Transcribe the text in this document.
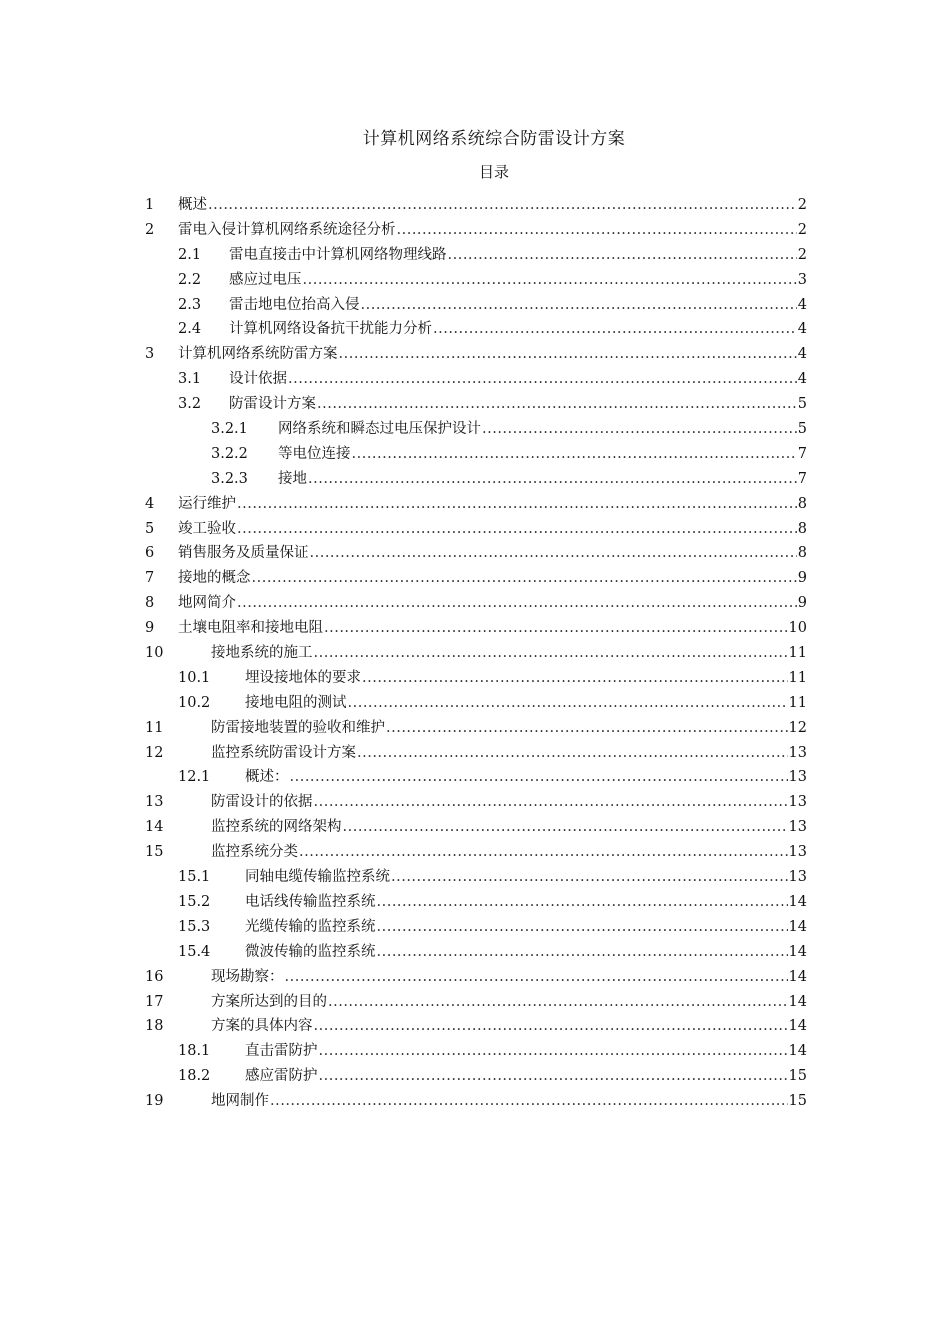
计算机网络系统综合防雷设计方案
目录
1	概述 .....	2
2	雷电入侵计算机网络系统途径分析 .....	2
2.1	雷电直接击中计算机网络物理线路 .....	2
2.2	感应过电压 .....	3
2.3	雷击地电位抬高入侵 .....	4
2.4	计算机网络设备抗干扰能力分析 .....	4
3	计算机网络系统防雷方案 .....	4
3.1	设计依据 .....	4
3.2	防雷设计方案 .....	5
3.2.1	网络系统和瞬态过电压保护设计 .....	5
3.2.2	等电位连接 .....	7
3.2.3	接地 .....	7
4	运行维护 .....	8
5	竣工验收 .....	8
6	销售服务及质量保证 .....	8
7	接地的概念 .....	9
8	地网简介 .....	9
9	土壤电阻率和接地电阻 .....	10
10	接地系统的施工 .....	11
10.1	埋设接地体的要求 .....	11
10.2	接地电阻的测试 .....	11
11	防雷接地装置的验收和维护 .....	12
12	监控系统防雷设计方案 .....	13
12.1	概述： .....	13
13	防雷设计的依据 .....	13
14	监控系统的网络架构 .....	13
15	监控系统分类 .....	13
15.1	同轴电缆传输监控系统 .....	13
15.2	电话线传输监控系统 .....	14
15.3	光缆传输的监控系统 .....	14
15.4	微波传输的监控系统 .....	14
16	现场勘察： .....	14
17	方案所达到的目的 .....	14
18	方案的具体内容 .....	14
18.1	直击雷防护 .....	14
18.2	感应雷防护 .....	15
19	地网制作 .....	15
